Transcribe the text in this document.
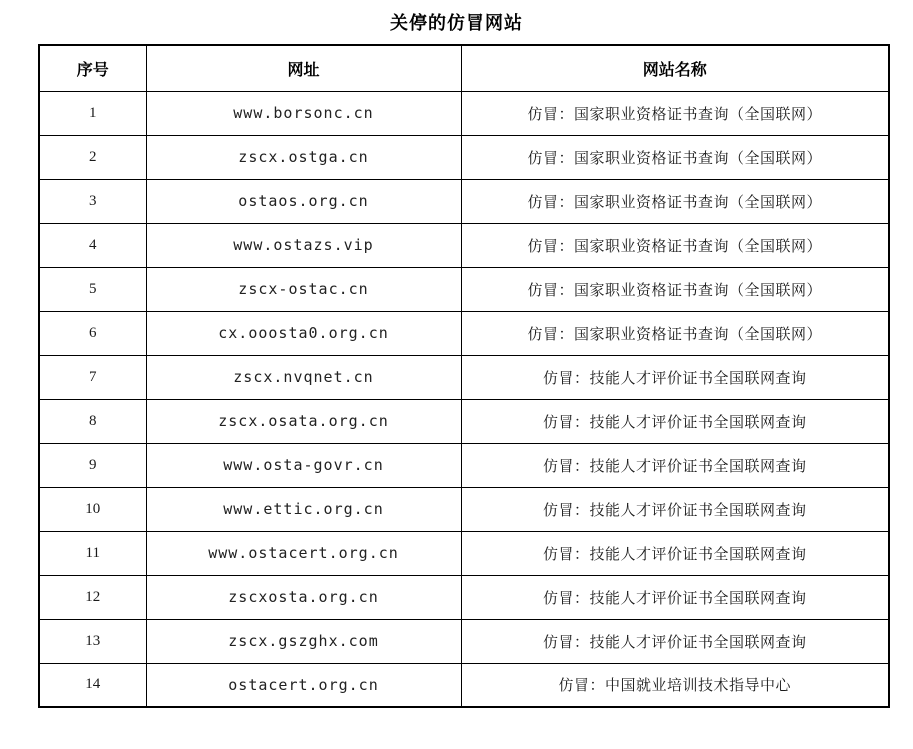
关停的仿冒网站
序号	网址	网站名称
1	www.borsonc.cn	仿冒：国家职业资格证书查询（全国联网）
2	zscx.ostga.cn	仿冒：国家职业资格证书查询（全国联网）
3	ostaos.org.cn	仿冒：国家职业资格证书查询（全国联网）
4	www.ostazs.vip	仿冒：国家职业资格证书查询（全国联网）
5	zscx-ostac.cn	仿冒：国家职业资格证书查询（全国联网）
6	cx.ooosta0.org.cn	仿冒：国家职业资格证书查询（全国联网）
7	zscx.nvqnet.cn	仿冒：技能人才评价证书全国联网查询
8	zscx.osata.org.cn	仿冒：技能人才评价证书全国联网查询
9	www.osta-govr.cn	仿冒：技能人才评价证书全国联网查询
10	www.ettic.org.cn	仿冒：技能人才评价证书全国联网查询
11	www.ostacert.org.cn	仿冒：技能人才评价证书全国联网查询
12	zscxosta.org.cn	仿冒：技能人才评价证书全国联网查询
13	zscx.gszghx.com	仿冒：技能人才评价证书全国联网查询
14	ostacert.org.cn	仿冒：中国就业培训技术指导中心
